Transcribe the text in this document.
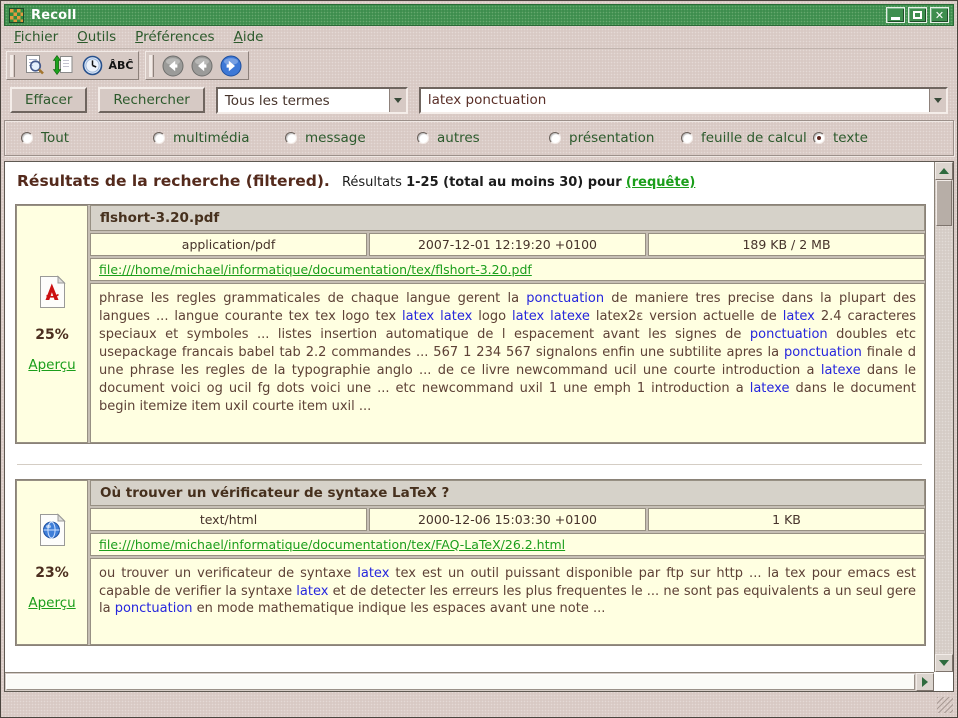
Recoll	✕
Fichier Outils Préférences Aide
ÂBĈ
Effacer	Rechercher	Tous les termes
latex ponctuation
Tout	multimédia	message	autres	présentation	feuille de calcul texte
Résultats de la recherche (filtered). Résultats 1-25 (total au moins 30) pour (requête)
25%
Aperçu
flshort-3.20.pdf
application/pdf	2007-12-01 12:19:20 +0100	189 KB / 2 MB
file:///home/michael/informatique/documentation/tex/flshort-3.20.pdf
phrase les regles grammaticales de chaque langue gerent la ponctuation de maniere tres precise dans la plupart des langues ... langue courante tex tex logo tex latex latex logo latex latexe latex2ε version actuelle de latex 2.4 caracteres speciaux et symboles ... listes insertion automatique de l espacement avant les signes de ponctuation doubles etc usepackage francais babel tab 2.2 commandes ... 567 1 234 567 signalons enfin une subtilite apres la ponctuation finale d une phrase les regles de la typographie anglo ... de ce livre newcommand ucil une courte introduction a latexe dans le document voici og ucil fg dots voici une ... etc newcommand uxil 1 une emph 1 introduction a latexe dans le document begin itemize item uxil courte item uxil ...
23%
Aperçu
Où trouver un vérificateur de syntaxe LaTeX ?
text/html	2000-12-06 15:03:30 +0100	1 KB
file:///home/michael/informatique/documentation/tex/FAQ-LaTeX/26.2.html
ou trouver un verificateur de syntaxe latex tex est un outil puissant disponible par ftp sur http ... la tex pour emacs est capable de verifier la syntaxe latex et de detecter les erreurs les plus frequentes le ... ne sont pas equivalents a un seul gere la ponctuation en mode mathematique indique les espaces avant une note ...
